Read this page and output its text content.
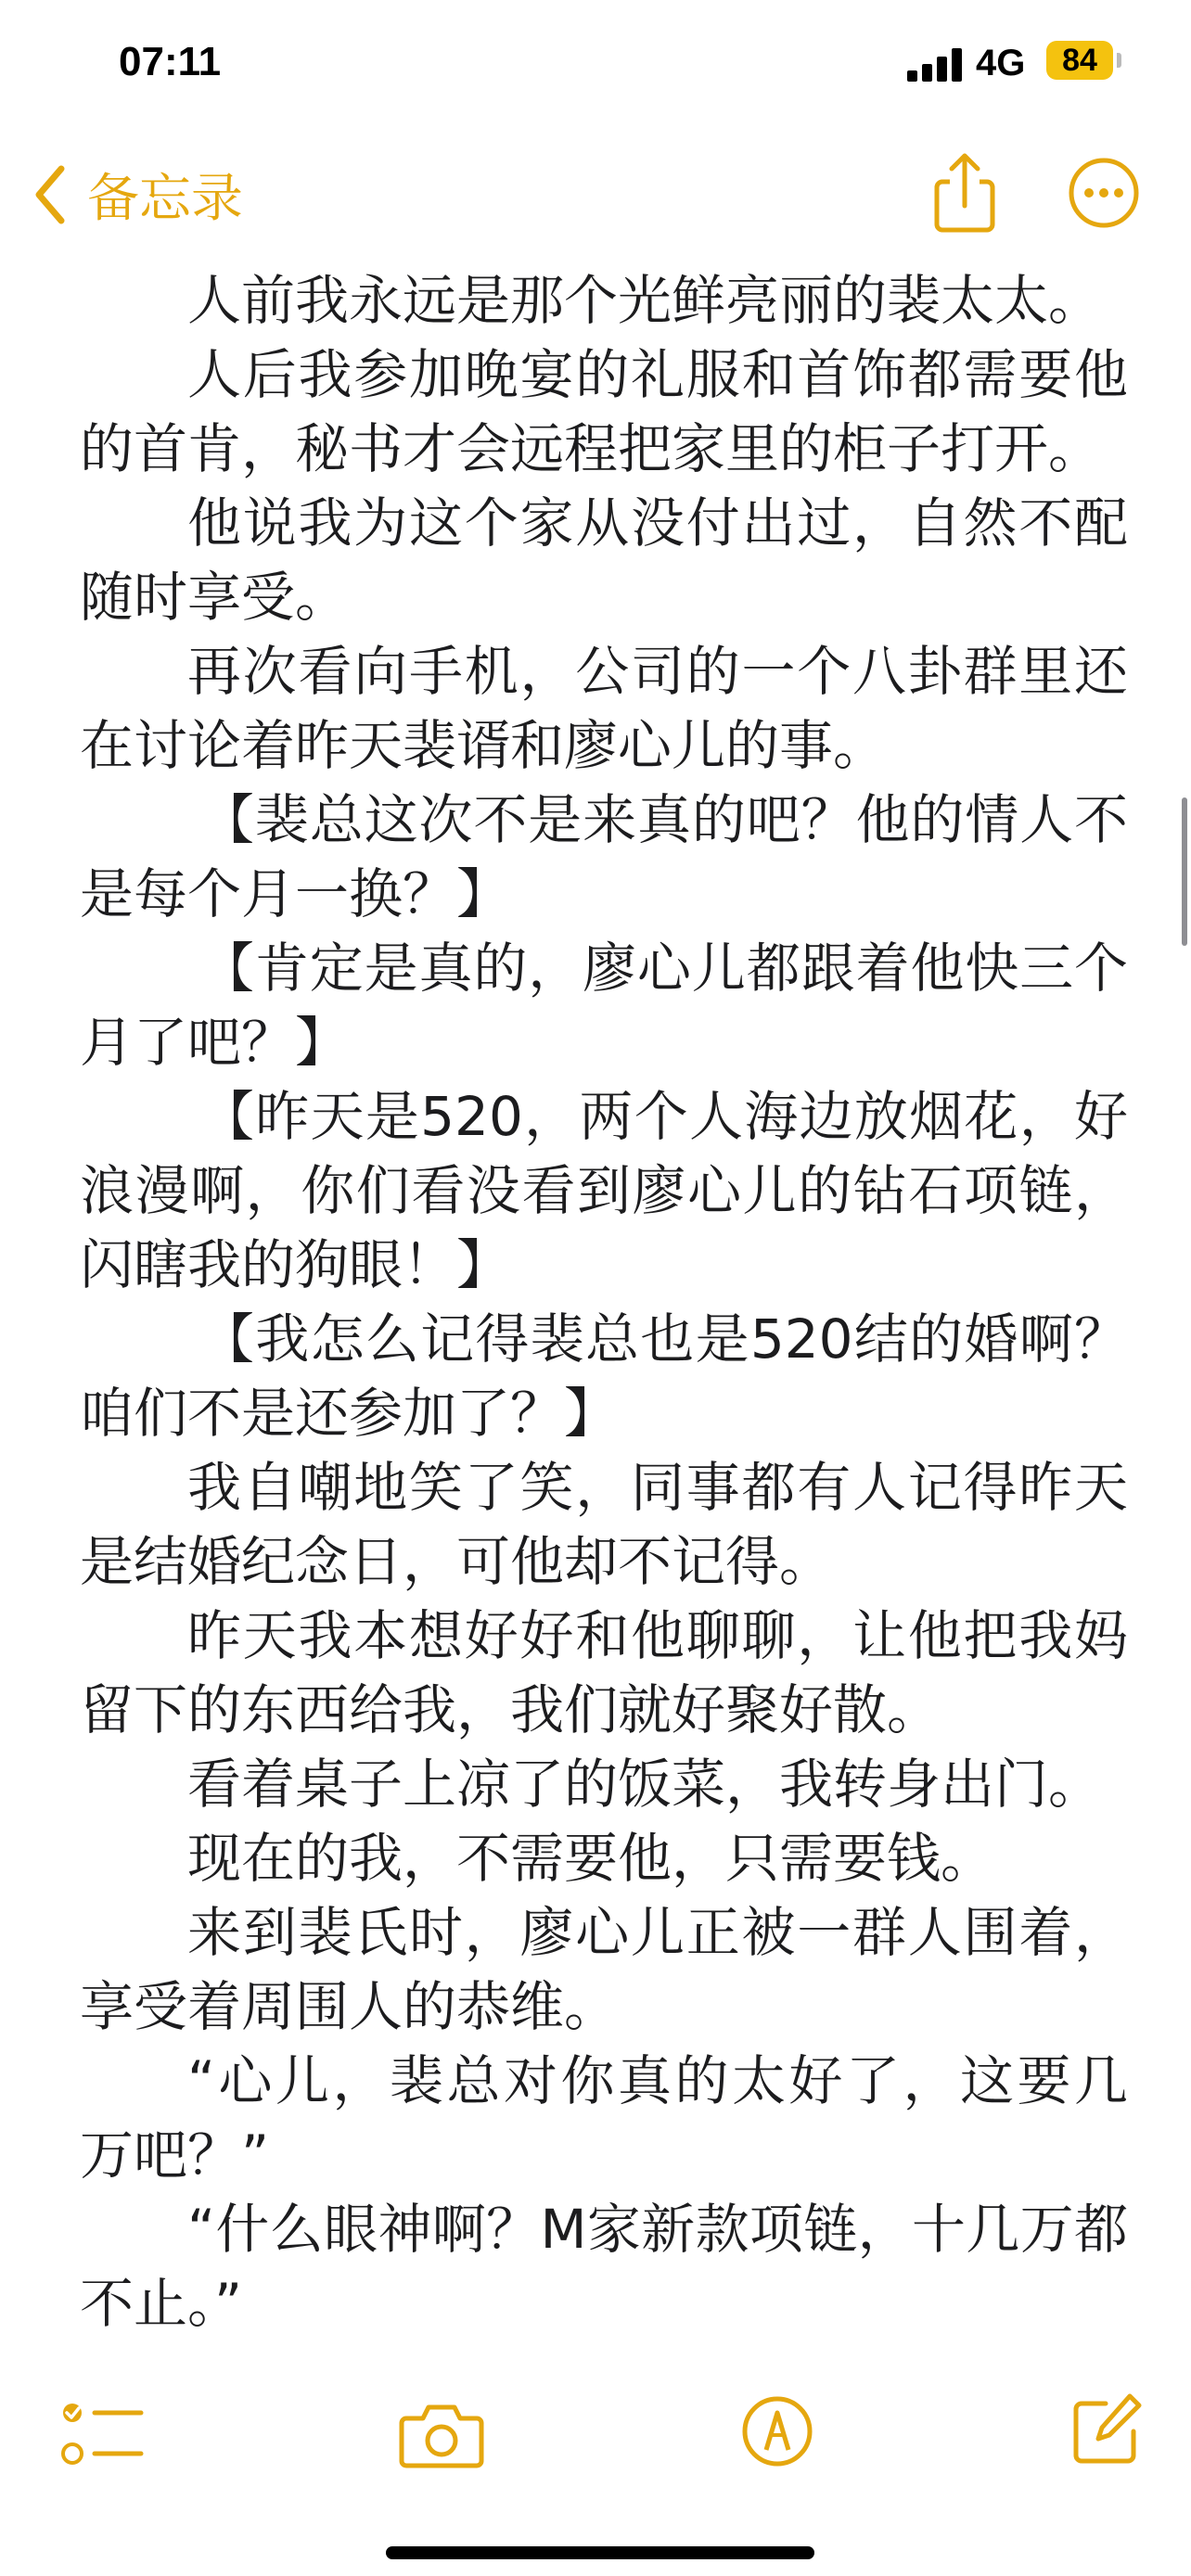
07:11	4G	84
备忘录

人前我永远是那个光鲜亮丽的裴太太。

人后我参加晚宴的礼服和首饰都需要他的首肯，秘书才会远程把家里的柜子打开。

他说我为这个家从没付出过，自然不配随时享受。

再次看向手机，公司的一个八卦群里还在讨论着昨天裴谞和廖心儿的事。

【裴总这次不是来真的吧？他的情人不是每个月一换？】

【肯定是真的，廖心儿都跟着他快三个月了吧？】

【昨天是520，两个人海边放烟花，好浪漫啊，你们看没看到廖心儿的钻石项链，闪瞎我的狗眼！】

【我怎么记得裴总也是520结的婚啊？咱们不是还参加了？】

我自嘲地笑了笑，同事都有人记得昨天是结婚纪念日，可他却不记得。

昨天我本想好好和他聊聊，让他把我妈留下的东西给我，我们就好聚好散。

看着桌子上凉了的饭菜，我转身出门。

现在的我，不需要他，只需要钱。

来到裴氏时，廖心儿正被一群人围着，享受着周围人的恭维。

“心儿，裴总对你真的太好了，这要几万吧？”

“什么眼神啊？M家新款项链，十几万都不止。”
